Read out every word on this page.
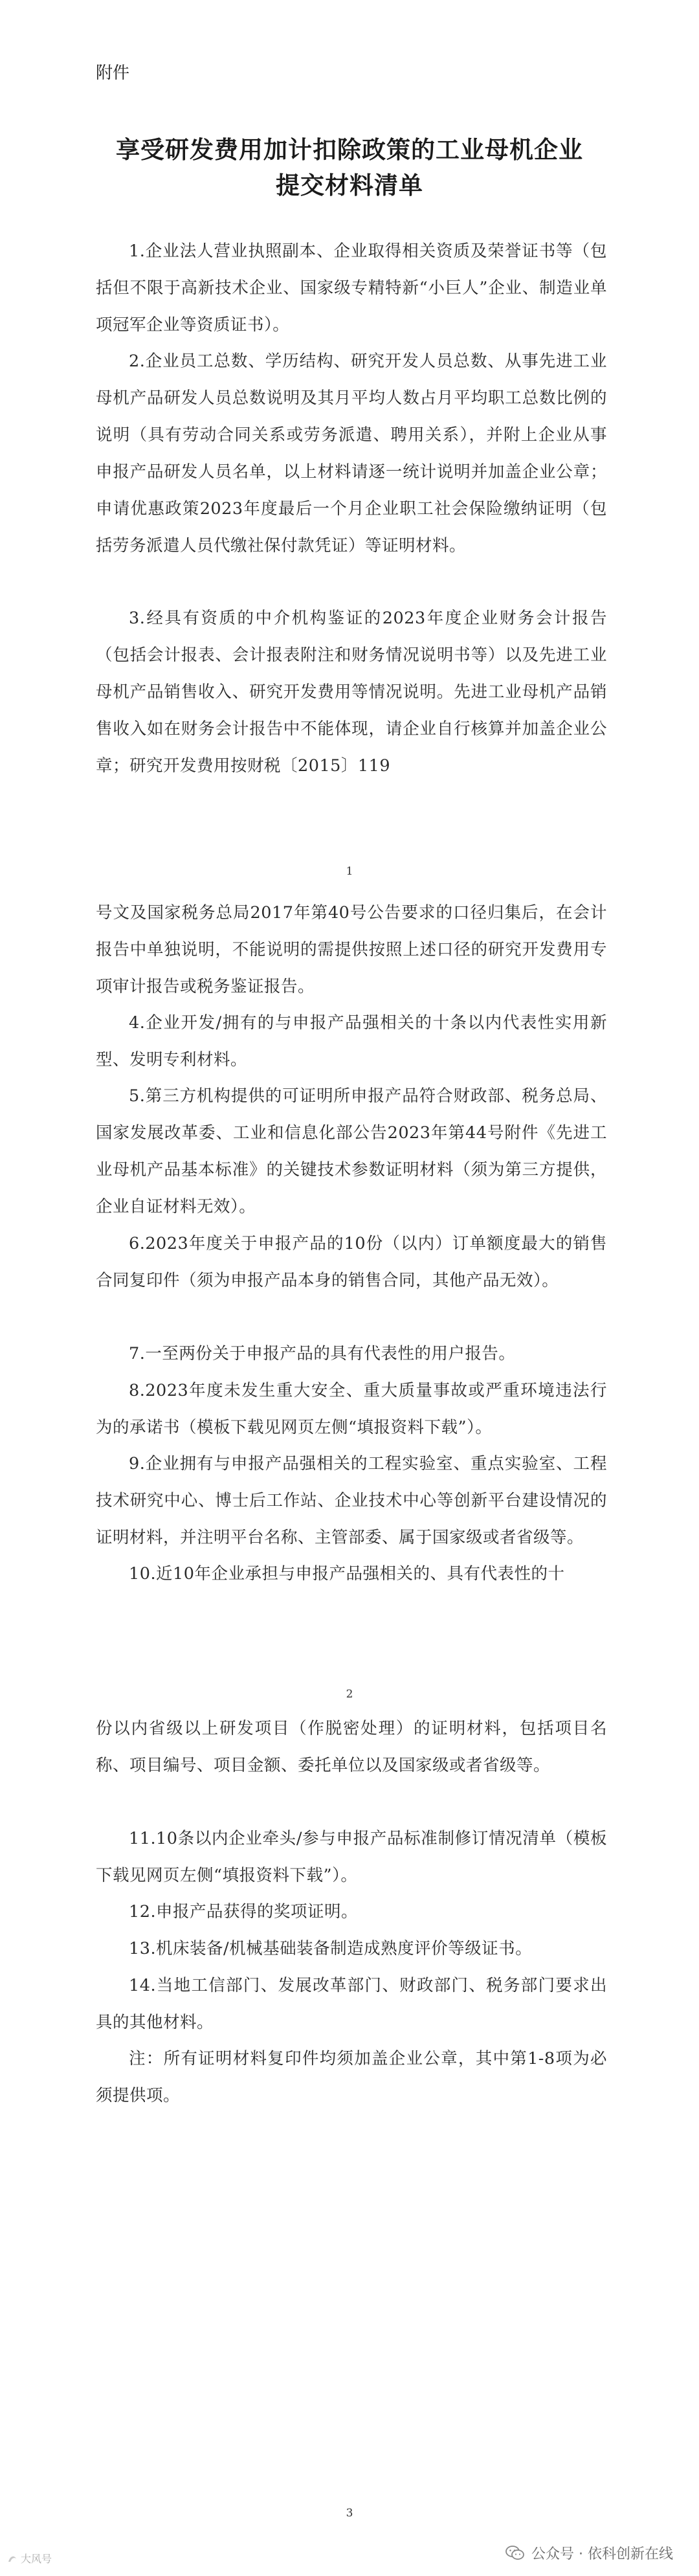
附件
享受研发费用加计扣除政策的工业母机企业
提交材料清单

1.企业法人营业执照副本、企业取得相关资质及荣誉证书等（包括但不限于高新技术企业、国家级专精特新“小巨人”企业、制造业单项冠军企业等资质证书）。

2.企业员工总数、学历结构、研究开发人员总数、从事先进工业母机产品研发人员总数说明及其月平均人数占月平均职工总数比例的说明（具有劳动合同关系或劳务派遣、聘用关系），并附上企业从事申报产品研发人员名单，以上材料请逐一统计说明并加盖企业公章；申请优惠政策2023年度最后一个月企业职工社会保险缴纳证明（包括劳务派遣人员代缴社保付款凭证）等证明材料。

3.经具有资质的中介机构鉴证的2023年度企业财务会计报告（包括会计报表、会计报表附注和财务情况说明书等）以及先进工业母机产品销售收入、研究开发费用等情况说明。先进工业母机产品销售收入如在财务会计报告中不能体现，请企业自行核算并加盖企业公章；研究开发费用按财税〔2015〕119

1

号文及国家税务总局2017年第40号公告要求的口径归集后，在会计报告中单独说明，不能说明的需提供按照上述口径的研究开发费用专项审计报告或税务鉴证报告。

4.企业开发/拥有的与申报产品强相关的十条以内代表性实用新型、发明专利材料。

5.第三方机构提供的可证明所申报产品符合财政部、税务总局、国家发展改革委、工业和信息化部公告2023年第44号附件《先进工业母机产品基本标准》的关键技术参数证明材料（须为第三方提供，企业自证材料无效）。

6.2023年度关于申报产品的10份（以内）订单额度最大的销售合同复印件（须为申报产品本身的销售合同，其他产品无效）。

7.一至两份关于申报产品的具有代表性的用户报告。

8.2023年度未发生重大安全、重大质量事故或严重环境违法行为的承诺书（模板下载见网页左侧“填报资料下载”）。

9.企业拥有与申报产品强相关的工程实验室、重点实验室、工程技术研究中心、博士后工作站、企业技术中心等创新平台建设情况的证明材料，并注明平台名称、主管部委、属于国家级或者省级等。

10.近10年企业承担与申报产品强相关的、具有代表性的十

2

份以内省级以上研发项目（作脱密处理）的证明材料，包括项目名称、项目编号、项目金额、委托单位以及国家级或者省级等。

11.10条以内企业牵头/参与申报产品标准制修订情况清单（模板下载见网页左侧“填报资料下载”）。

12.申报产品获得的奖项证明。

13.机床装备/机械基础装备制造成熟度评价等级证书。

14.当地工信部门、发展改革部门、财政部门、税务部门要求出具的其他材料。

注：所有证明材料复印件均须加盖企业公章，其中第1-8项为必须提供项。

3
大风号	公众号 · 依科创新在线
